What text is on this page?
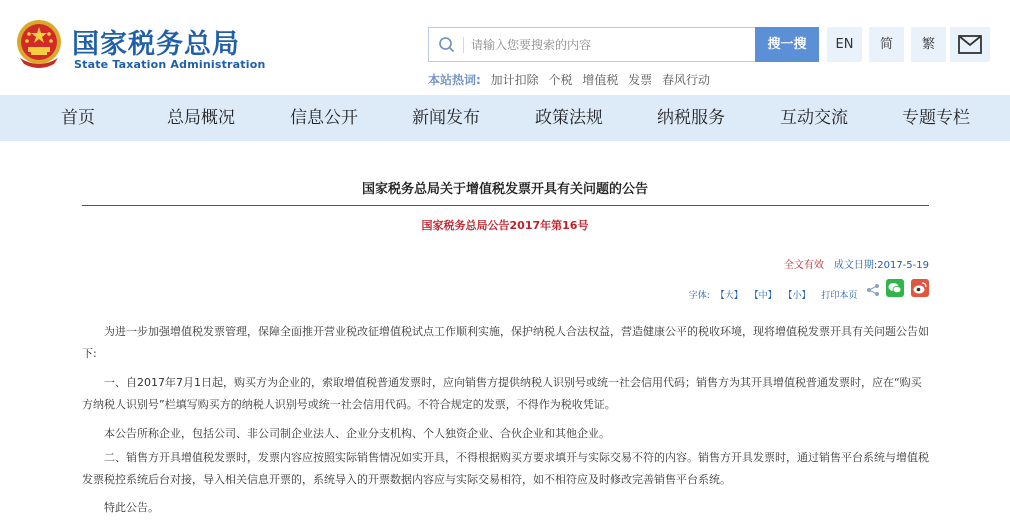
国家税务总局
State Taxation Administration
请输入您要搜索的内容
搜一搜
本站热词: 加计扣除 个税 增值税 发票 春风行动
EN	简	繁
首页	总局概况	信息公开	新闻发布	政策法规	纳税服务	互动交流	专题专栏
国家税务总局关于增值税发票开具有关问题的公告
国家税务总局公告2017年第16号
全文有效 成文日期:2017-5-19
字体: 【大】 【中】 【小】 打印本页
为进一步加强增值税发票管理，保障全面推开营业税改征增值税试点工作顺利实施，保护纳税人合法权益，营造健康公平的税收环境，现将增值税发票开具有关问题公告如下:
一、自2017年7月1日起，购买方为企业的，索取增值税普通发票时，应向销售方提供纳税人识别号或统一社会信用代码；销售方为其开具增值税普通发票时，应在“购买方纳税人识别号”栏填写购买方的纳税人识别号或统一社会信用代码。不符合规定的发票，不得作为税收凭证。
本公告所称企业，包括公司、非公司制企业法人、企业分支机构、个人独资企业、合伙企业和其他企业。
二、销售方开具增值税发票时，发票内容应按照实际销售情况如实开具，不得根据购买方要求填开与实际交易不符的内容。销售方开具发票时，通过销售平台系统与增值税发票税控系统后台对接，导入相关信息开票的，系统导入的开票数据内容应与实际交易相符，如不相符应及时修改完善销售平台系统。
特此公告。
